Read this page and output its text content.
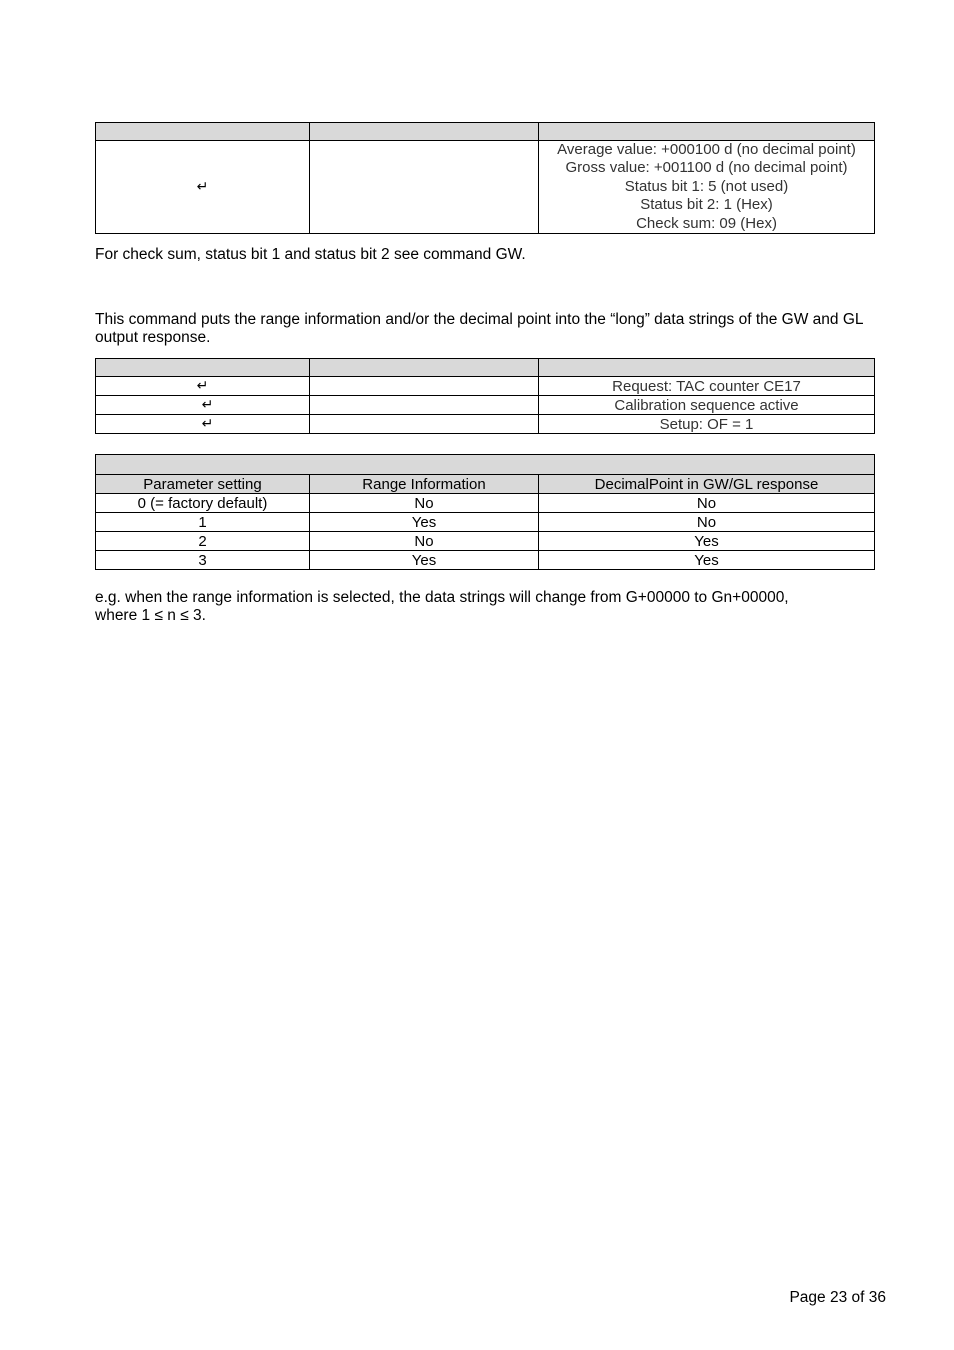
↵		Average value: +000100 d (no decimal point)
Gross value: +001100 d (no decimal point)
Status bit 1: 5 (not used)
Status bit 2: 1 (Hex)
Check sum: 09 (Hex)

For check sum, status bit 1 and status bit 2 see command GW.

This command puts the range information and/or the decimal point into the “long” data strings of the GW and GL output response.

↵		Request: TAC counter CE17
↵		Calibration sequence active
↵		Setup: OF = 1

Parameter setting	Range Information	DecimalPoint in GW/GL response
0 (= factory default)	No	No
1	Yes	No
2	No	Yes
3	Yes	Yes

e.g. when the range information is selected, the data strings will change from G+00000 to Gn+00000,
where 1 ≤ n ≤ 3.

Page 23 of 36
